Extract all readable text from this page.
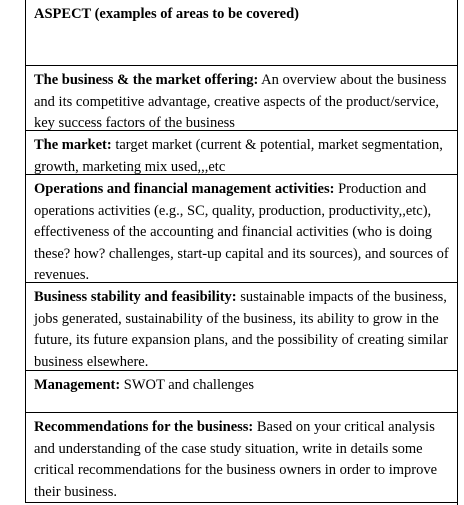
ASPECT (examples of areas to be covered)
The business & the market offering: An overview about the business and its competitive advantage, creative aspects of the product/service, key success factors of the business
The market: target market (current & potential, market segmentation, growth, marketing mix used,,,etc
Operations and financial management activities: Production and operations activities (e.g., SC, quality, production, productivity,,etc), effectiveness of the accounting and financial activities (who is doing these? how? challenges, start-up capital and its sources), and sources of revenues.
Business stability and feasibility: sustainable impacts of the business, jobs generated, sustainability of the business, its ability to grow in the future, its future expansion plans, and the possibility of creating similar business elsewhere.
Management: SWOT and challenges
Recommendations for the business: Based on your critical analysis and understanding of the case study situation, write in details some critical recommendations for the business owners in order to improve their business.
